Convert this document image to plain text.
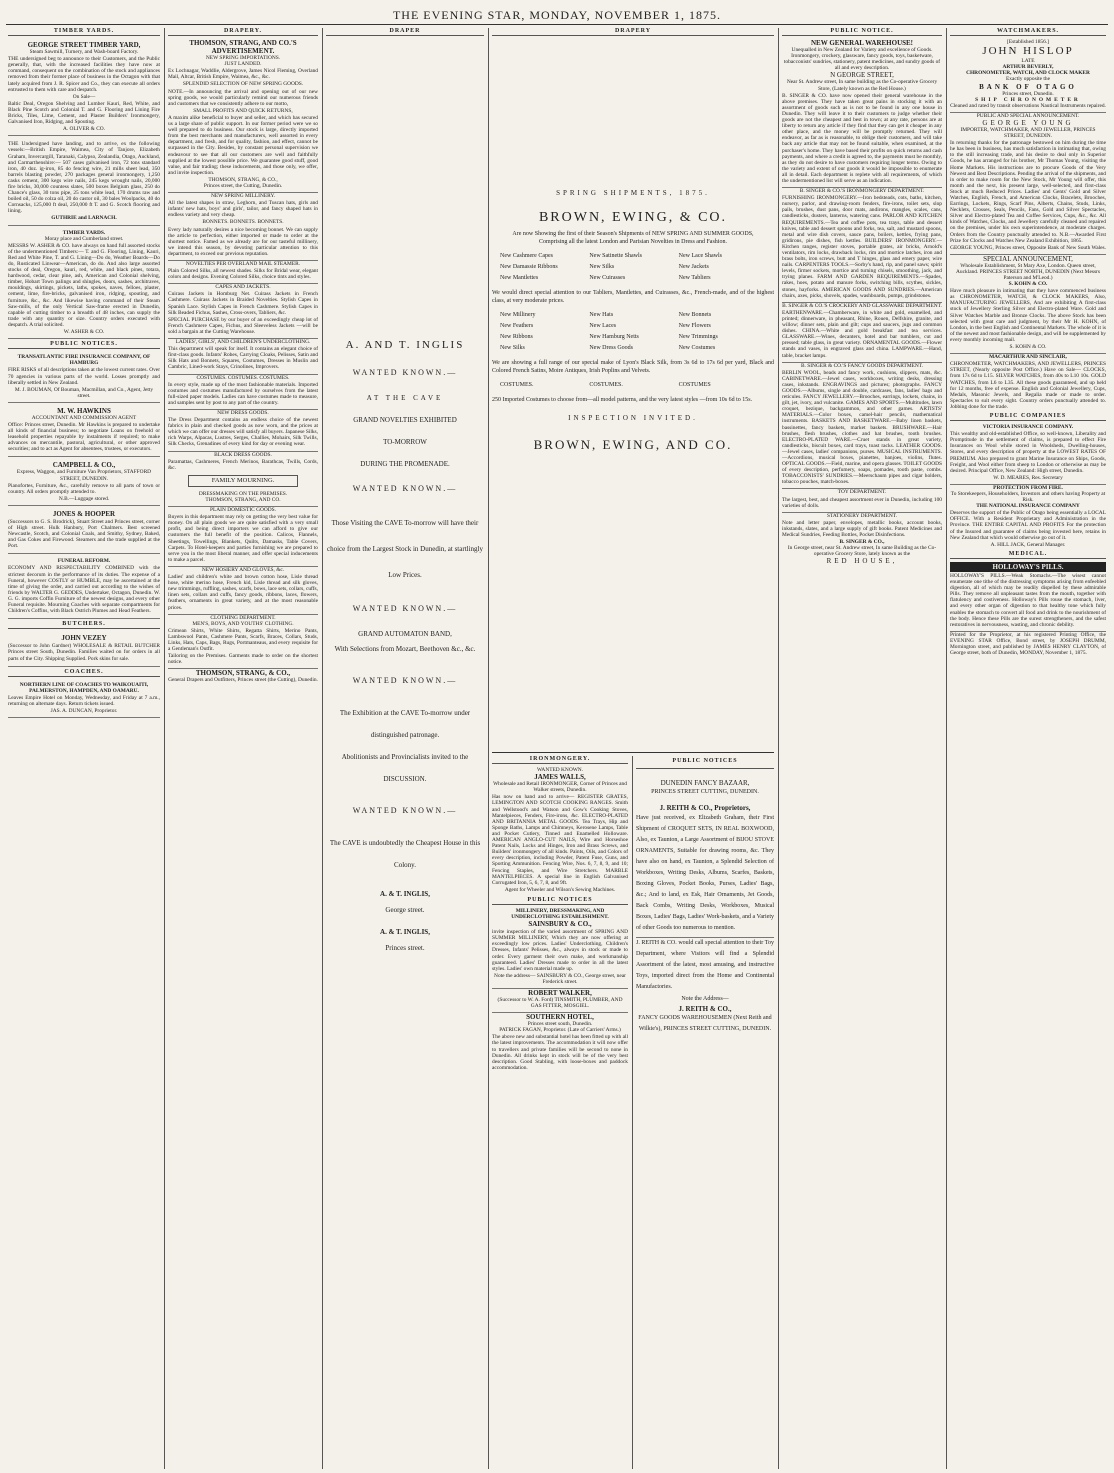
THE EVENING STAR, MONDAY, NOVEMBER 1, 1875.
TIMBER YARDS.
GEORGE STREET TIMBER YARD,
Steam Sawmill, Turnery, and Wash-board Factory.
THE undersigned beg to announce to their Customers, and the Public generally, that, with the increased facilities they have now at command, consequent on the combination of the stock and appliances removed from their former place of business in the Octagon with that lately acquired from J. R. Spicer and Co., they can execute all orders entrusted to them with care and despatch.
On Sale—
Baltic Deal, Oregon Shelving and Lumber Kauri, Red, White, and Black Pine Scotch and Colonial T. and G. Flooring and Lining Fire Bricks, Tiles, Lime, Cement, and Plaster Builders' Ironmongery, Galvanised Iron, Ridging, and Spouting.
A. OLIVER & CO.
THE Undersigned have landing, and to arrive, ex the following vessels:—British Empire, Waimea, City of Tanjore, Elizabeth Graham, Invercargill, Taranaki, Calypso, Zealandia, Otago, Auckland, and Carmarthenshire:— 507 cases galvanised iron, 72 tons standard iron, 40 doz. ig-iron, 85 do fencing wire, 21 mills sheet lead, 350 barrels blasting powder, 270 packages general ironmongery, 1,250 casks cement, 300 kegs wire nails, 245 kegs wrought nails, 20,000 fire bricks, 30,000 countess slates, 500 boxes Belgium glass, 250 do Chance's glass, 30 tons pipe, 25 tons white lead, 170 drums raw and boiled oil, 50 do colza oil, 20 do castor oil, 30 bales Woolpacks, 40 do Cornsacks, 125,000 ft deal, 250,000 ft T. and G. Scotch flooring and lining.
GUTHRIE and LARNACH.
TIMBER YARDS.
Moray place and Cumberland street.
MESSRS W. ASHER & CO. have always on hand full assorted stocks of the undermentioned Timbers:— T. and G. Flooring, Lining, Kauri, Red and White Pine, T. and G. Lining—Do do, Weather Boards—Do do, Rusticated Linwear—American, do do. And also large assorted stocks of deal, Oregon, kauri, red, white, and black pines, totara, hardwood, cedar, clear pine, ash, American and Colonial shelving, timber, Hobart Town palings and shingles, doors, sashes, architraves, mouldings, skirtings, pickets, laths, spokes, naves, felloes, plaster, cement, lime, fire-bricks, galvanised iron, ridging, spouting, and furniture, &c., &c. And likewise having command of their Steam Saw-mills, of the only Vertical Saw-frame erected in Dunedin, capable of cutting timber to a breadth of 48 inches, can supply the trade with any quantity or size. Country orders executed with despatch. A trial solicited.
W. ASHER & CO.
PUBLIC NOTICES.
TRANSATLANTIC FIRE INSURANCE COMPANY, OF HAMBURG
FIRE RISKS of all descriptions taken at the lowest current rates. Over 70 agencies in various parts of the world. Losses promptly and liberally settled in New Zealand.
M. J. BOUMAN, Of Bouman, Macmillan, and Co., Agent, Jetty street.
M. W. HAWKINS
ACCOUNTANT AND COMMISSION AGENT
Office: Princes street, Dunedin. Mr Hawkins is prepared to undertake all kinds of financial business; to negotiate Loans on freehold or leasehold properties repayable by instalments if required; to make advances on mercantile, pastoral, agricultural, or other approved securities; and to act as Agent for absentees, trustees, or executors.
CAMPBELL & CO.,
Express, Waggon, and Furniture Van Proprietors, STAFFORD STREET, DUNEDIN.
Pianofortes, Furniture, &c., carefully remove to all parts of town or country. All orders promptly attended to.
N.B.—Luggage stored.
JONES & HOOPER
(Successors to G. S. Brodrick), Stuart Street and Princes street, corner of High street. Hulk Hanbury, Port Chalmers. Best screened Newcastle, Scotch, and Colonial Coals, and Smithy, Sydney, Baked, and Gas Cokes and Firewood. Steamers and the trade supplied at the Port.
FUNERAL REFORM.
ECONOMY AND RESPECTABILITY COMBINED with the strictest decorum in the performance of its duties. The expense of a Funeral, however COSTLY or HUMBLE, may be ascertained at the time of giving the order, and carried out according to the wishes of friends by WALTER G. GEDDES, Undertaker, Octagon, Dunedin. W. G. G. imports Coffin Furniture of the newest designs, and every other Funeral requisite. Mourning Coaches with separate compartments for Children's Coffins, with Black Ostrich Plumes and Head Feathers.
BUTCHERS.
JOHN VEZEY
(Successor to John Gardner) WHOLESALE & RETAIL BUTCHER Princes street South, Dunedin. Families waited on for orders in all parts of the City. Shipping Supplied. Pork skins for sale.
COACHES.
NORTHERN LINE OF COACHES TO WAIKOUAITI, PALMERSTON, HAMPDEN, AND OAMARU.
Leaves Empire Hotel on Monday, Wednesday, and Friday at 7 a.m., returning on alternate days. Return tickets issued.
JAS. A. DUNCAN, Proprietor.
DRAPERY.
THOMSON, STRANG, AND CO.'S ADVERTISEMENT.
NEW SPRING IMPORTATIONS.
JUST LANDED.
Ex Lochnagar, Waddlie, Aldergrove, James Nicol Fleming, Overland Mail, Altcar, British Empire, Waimea, &c., &c.
SPLENDID SELECTION OF NEW SPRING GOODS.
NOTE.—In announcing the arrival and opening out of our new spring goods, we would particularly remind our numerous friends and customers that we consistently adhere to our motto,
SMALL PROFITS AND QUICK RETURNS,
A maxim alike beneficial to buyer and seller, and which has secured us a large share of public support. In our former period were we so well prepared to do business. Our stock is large, directly imported from the best merchants and manufacturers, well assorted in every department, and fresh, and for quality, fashion, and effect, cannot be surpassed in the City. Besides, by constant personal supervision we endeavour to see that all our customers are well and faithfully supplied at the lowest possible price. We guarantee good stuff, good value, and fair trading; these inducements, and those only, we offer, and invite inspection.
THOMSON, STRANG, & CO.,
Princes street, the Cutting, Dunedin.
NEW SPRING MILLINERY.
All the latest shapes in straw, Leghorn, and Tuscan hats, girls and infants' new hats, boys' and girls', tailor, and fancy shaped hats in endless variety and very cheap.
BONNETS. BONNETS. BONNETS.
Every lady naturally desires a nice becoming bonnet. We can supply the article to perfection, either imported or made to order at the shortest notice. Famed as we already are for our tasteful millinery, we intend this season, by devoting particular attention to this department, to exceed our previous reputation.
NOVELTIES PER OVERLAND MAIL STEAMER.
Plain Colored Silks, all newest shades. Silks for Bridal wear, elegant colors and designs. Evening Colored Silks, choice tints and styles.
CAPES AND JACKETS.
Cuirass Jackets in Homburg Net. Cuirass Jackets in French Cashmere. Cuirass Jackets in Braided Novelties. Stylish Capes in Spanish Lace. Stylish Capes in French Cashmere. Stylish Capes in Silk Beaded Fichus, Sashes, Cross-overs, Tabliers, &c.
SPECIAL PURCHASE by our buyer of an exceedingly cheap lot of French Cashmere Capes, Fichus, and Sleeveless Jackets —will be sold a bargain at the Cutting Warehouse.
LADIES', GIRLS', AND CHILDREN'S UNDERCLOTHING.
This department will speak for itself. It contains an elegant choice of first-class goods. Infants' Robes, Carrying Cloaks, Pelisses, Satin and Silk Hats and Bonnets, Squares, Costumes, Dresses in Muslin and Cambric, Lined-work Stays, Crinolines, Improvers.
COSTUMES. COSTUMES. COSTUMES.
In every style, made up of the most fashionable materials. Imported costumes and costumes manufactured by ourselves from the latest full-sized paper models. Ladies can have costumes made to measure, and samples sent by post to any part of the country.
NEW DRESS GOODS.
The Dress Department contains an endless choice of the newest fabrics in plain and checked goods as now worn, and the prices at which we can offer our dresses will satisfy all buyers. Japanese Silks, rich Warps, Alpacas, Lustres, Serges, Challies, Mohairs, Silk Twills, Silk Checks, Grenadines of every kind for day or evening wear.
BLACK DRESS GOODS.
Paramattas, Cashmeres, French Merinos, Barathcas, Twills, Cords, &c.
FAMILY MOURNING.
DRESSMAKING ON THE PREMISES.
THOMSON, STRANG, AND CO.
PLAIN DOMESTIC GOODS.
Buyers in this department may rely on getting the very best value for money. On all plain goods we are quite satisfied with a very small profit, and being direct importers we can afford to give our customers the full benefit of the position. Calicos, Flannels, Sheetings, Towellings, Blankets, Quilts, Damasks, Table Covers, Carpets. To Hotel-keepers and parties furnishing we are prepared to serve you in the most liberal manner, and offer special inducements to make a parcel.
NEW HOSIERY AND GLOVES, &c.
Ladies' and children's white and brown cotton hose, Lisle thread hose, white merino hose, French kid, Lisle thread and silk gloves, new trimmings, ruffling, sashes, scarfs, bows, lace sets, collars, cuffs, linen sets, collars and cuffs, fancy goods, ribbons, laces, flowers, feathers, ornaments in great variety, and at the most reasonable prices.
CLOTHING DEPARTMENT.
MEN'S, BOYS, AND YOUTHS' CLOTHING.
Crimean Shirts, White Shirts, Regatta Shirts, Merino Pants, Lambswool Pants, Cashmere Pants, Scarfs, Braces, Collars, Studs, Links, Hats, Caps, Bags, Rugs, Portmanteaus, and every requisite for a Gentleman's Outfit.
Tailoring on the Premises. Garments made to order on the shortest notice.
THOMSON, STRANG, & CO.,
General Drapers and Outfitters, Princes street (the Cutting), Dunedin.
DRAPER
A. AND T. INGLIS
WANTED KNOWN.—
AT THE CAVE
GRAND NOVELTIES EXHIBITED
TO-MORROW
DURING THE PROMENADE.
WANTED KNOWN.—
Those Visiting the CAVE To-morrow will have their choice from the Largest Stock in Dunedin, at startlingly Low Prices.
WANTED KNOWN.—
GRAND AUTOMATON BAND,
With Selections from Mozart, Beethoven &c., &c.
WANTED KNOWN.—
The Exhibition at the CAVE To-morrow under distinguished patronage.
Abolitionists and Provincialists invited to the DISCUSSION.
WANTED KNOWN.—
The CAVE is undoubtedly the Cheapest House in this Colony.
A. & T. INGLIS,
George street.
A. & T. INGLIS,
Princes street.
DRAPERY
SPRING SHIPMENTS, 1875.
BROWN, EWING, & CO.
Are now Showing the first of their Season's Shipments of NEW SPRING AND SUMMER GOODS,
Comprising all the latest London and Parisian Novelties in Dress and Fashion.
New Cashmere Capes	New Satinette Shawls	New Lace Shawls
New Damassie Ribbons	New Silks	New Jackets
New Mantlettes	New Cuirasses	New Tabliers
We would direct special attention to our Tabliers, Mantlettes, and Cuirasses, &c., French-made, and of the highest class, at very moderate prices.
New Millinery	New Hats	New Bonnets
New Feathers	New Laces	New Flowers
New Ribbons	New Hamburg Netts	New Trimmings
New Silks	New Dress Goods	New Costumes
We are showing a full range of our special make of Lyon's Black Silk, from 3s 6d to 17s 6d per yard, Black and Colored French Satins, Moire Antiques, Irish Poplins and Velvets.
COSTUMES.	COSTUMES.	COSTUMES
250 Imported Costumes to choose from—all model patterns, and the very latest styles —from 10s 6d to 15s.
INSPECTION INVITED.
BROWN, EWING, AND CO.
IRONMONGERY.
WANTED KNOWN.
JAMES WALLS,
Wholesale and Retail IRONMONGER, Corner of Princes and Walker streets, Dunedin.
Has now on hand and to arrive— REGISTER GRATES, LEMINGTON AND SCOTCH COOKING RANGES. Smith and Wellstood's and Watson and Gow's Cooking Stoves, Mantelpieces, Fenders, Fire-irons, &c. ELECTRO-PLATED AND BRITANNIA METAL GOODS. Tea Trays, Hip and Sponge Baths, Lamps and Chimneys, Kerosene Lamps, Table and Pocket Cutlery, Tinned and Enamelled Holloware. AMERICAN ANGLO-CUT NAILS, Wire and Horseshoe Patent Nails, Locks and Hinges, Iron and Brass Screws, and Builders' ironmongery of all kinds. Paints, Oils, and Colors of every description, including Powder, Patent Fuse, Guns, and Sporting Ammunition. Fencing Wire, Nos. 6, 7, 8, 9, and 10; Fencing Staples, and Wire Stretchers. MARBLE MANTELPIECES. A special line in English Galvanised Corrugated Iron, 5, 6, 7, 8, and 9ft.
Agent for Wheeler and Wilson's Sewing Machines.
PUBLIC NOTICES
MILLINERY, DRESSMAKING, AND UNDERCLOTHING ESTABLISHMENT.
SAINSBURY & CO.,
invite inspection of the varied assortment of SPRING AND SUMMER MILLINERY, Which they are now offering at exceedingly low prices. Ladies' Underclothing, Children's Dresses, Infants' Pelisses, &c., always in stock or made to order. Every garment their own make, and workmanship guaranteed. Ladies' Dresses made to order in all the latest styles. Ladies' own material made up.
Note the address— SAINSBURY & CO., George street, near Frederick street.
ROBERT WALKER,
(Successor to W. A. Ford) TINSMITH, PLUMBER, AND GAS FITTER, MOSGIEL.
SOUTHERN HOTEL,
Princes street south, Dunedin.
PATRICK FAGAN, Proprietor. (Late of Carriers' Arms.)
The above new and substantial hotel has been fitted up with all the latest improvements. The accommodation it will now offer to travellers and private families will be second to none in Dunedin. All drinks kept in stock will be of the very best description. Good Stabling, with loose-boxes and paddock accommodation.
PUBLIC NOTICES
DUNEDIN FANCY BAZAAR,
PRINCES STREET CUTTING, DUNEDIN.
J. REITH & CO., Proprietors,
Have just received, ex Elizabeth Graham, their First Shipment of CROQUET SETS, IN REAL BOXWOOD, Also, ex Taunton, a Large Assortment of BIJOU STOVE ORNAMENTS, Suitable for drawing rooms, &c. They have also on hand, ex Taunton, a Splendid Selection of Workboxes, Writing Desks, Albums, Scarfes, Baskets, Boxing Gloves, Pocket Books, Purses, Ladies' Bags, &c.; And to land, ex Esk, Hair Ornaments, Jet Goods, Back Combs, Writing Desks, Workboxes, Musical Boxes, Ladies' Bags, Ladies' Work-baskets, and a Variety of other Goods too numerous to mention.
J. REITH & CO. would call special attention to their Toy Department, where Visitors will find a Splendid Assortment of the latest, most amusing, and instructive Toys, imported direct from the Home and Continental Manufactories.
Note the Address—
J. REITH & CO.,
FANCY GOODS WAREHOUSEMEN (Next Reith and Wilkie's), PRINCES STREET CUTTING, DUNEDIN.
PUBLIC NOTICE.
NEW GENERAL WAREHOUSE!
Unequalled in New Zealand for Variety and excellence of Goods.
Ironmongery, crockery, glassware, fancy goods, toys, basketware, tobacconists' sundries, stationery, patent medicines, and sundry goods of all and every description.
N GEORGE STREET,
Near St. Andrew street, In same building as the Co-operative Grocery Store, (Lately known as the Red House.)
B. SINGER & CO. have now opened their general warehouse in the above premises. They have taken great pains in stocking it with an assortment of goods such as is not to be found in any one house in Dunedin. They will leave it to their customers to judge whether their goods are not the cheapest and best in town; at any rate, persons are at liberty to return any article if they find that they can get it cheaper in any other place, and the money will be promptly returned. They will endeavor, as far as is reasonable, to oblige their customers, and will take back any article that may not be found suitable, when examined, at the purchaser's home. They have based their profits on quick returns and cash payments, and where a credit is agreed to, the payments must be monthly, as they do not desire to have customers requiring longer terms. Owing to the variety and extent of our goods it would be impossible to enumerate all in detail. Each department is replete with all requirements, of which the undermentioned list will serve as an indication.
B. SINGER & CO.'S IRONMONGERY DEPARTMENT.
FURNISHING IRONMONGERY.—Iron bedsteads, cots, baths, kitchen, nursery, parlor, and drawing-room fenders, fire-irons, toilet sets, slop pails, brushes, dust pans, door mats, andirons, mangles, scales, cans, candlesticks, dusters, lanterns, watering cans. PARLOR AND KITCHEN REQUIREMENTS.—Tea and coffee pots, tea trays, table and dessert knives, table and dessert spoons and forks, tea, salt, and mustard spoons, metal and wire dish covers, sauce pans, boilers, kettles, frying pans, gridirons, pie dishes, fish kettles. BUILDERS' IRONMONGERY.—Kitchen ranges, register stoves, portable grates, air bricks, Arnold's ventilators, rim locks, drawback locks, rim and mortice latches, iron and brass bolts, iron screws, butt and T hinges, glass and emery paper, wire nails. CARPENTERS TOOLS.—Sorby's hand, rip, and panel saws; spirit levels, firmer sockets, mortice and turning chisels, smoothing, jack, and trying planes. FARM AND GARDEN REQUIREMENTS.—Spades, rakes, hoes, potato and manure forks, switching bills, scythes, sickles, stones, hayforks. AMERICAN GOODS AND SUNDRIES.—American chairs, axes, picks, shovels, spades, washboards, pumps, grindstones.
B. SINGER & CO.'S CROCKERY AND GLASSWARE DEPARTMENT.
EARTHENWARE.—Chamberware, in white and gold, enamelled, and printed; dinnerware, in pheasant, Rhine, Rouen, Delfshire, granite, and willow; dinner sets, plain and gilt; cups and saucers, jugs and common dishes. CHINA.—White and gold breakfast and tea services. GLASSWARE.—Wines, decanters, hotel and bar tumblers, cut and pressed; table glass, in great variety. ORNAMENTAL GOODS.—Flower stands and vases, in engraved glass and china. LAMPWARE.—Hand, table, bracket lamps.
B. SINGER & CO.'S FANCY GOODS DEPARTMENT.
BERLIN WOOL, beads and fancy work, cushions, slippers, mats, &c. CABINETWARE.—Jewel cases, workboxes, writing desks, dressing cases, inkstands. ENGRAVINGS and pictures; photographs. FANCY GOODS.—Albums, single and double, cardcases, fans, ladies' bags and reticules. FANCY JEWELLERY.—Brooches, earrings, lockets, chains, in gilt, jet, ivory, and vulcanite. GAMES AND SPORTS.—Multitudes, lawn croquet, bezique, backgammon, and other games. ARTISTS' MATERIALS.—Color boxes, camel-hair pencils, mathematical instruments. BASKETS AND BASKETWARE.—Baby linen baskets, bassinettes, fancy baskets, market baskets. BRUSHWARE.—Hair brushes, flesh brushes, clothes and hat brushes, tooth brushes. ELECTRO-PLATED WARE.—Cruet stands in great variety, candlesticks, biscuit boxes, card trays, toast racks. LEATHER GOODS.—Jewel cases, ladies' companions, purses. MUSICAL INSTRUMENTS.—Accordions, musical boxes, pianettes, banjoes, violins, flutes. OPTICAL GOODS.—Field, marine, and opera glasses. TOILET GOODS of every description, perfumery, soaps, pomades, tooth paste, combs. TOBACCONISTS' SUNDRIES.—Meerschaum pipes and cigar holders, tobacco pouches, match-boxes.
TOY DEPARTMENT.
The largest, best, and cheapest assortment ever in Dunedin, including 100 varieties of dolls.
STATIONERY DEPARTMENT.
Note and letter paper, envelopes, metallic books, account books, inkstands, slates, and a large supply of gift books. Patent Medicines and Medical Sundries, Feeding Bottles, Pocket Disinfections.
B. SINGER & CO.,
In George street, near St. Andrew street, In same Building as the Co-operative Grocery Store, lately known as the
RED HOUSE,
WATCHMAKERS.
[Established 1856.]
JOHN HISLOP
LATE
ARTHUR BEVERLY,
CHRONOMETER, WATCH, AND CLOCK MAKER
Exactly opposite the
BANK OF OTAGO
Princes street, Dunedin.
SHIP CHRONOMETER
Cleaned and rated by transit observations Nautical Instruments repaired.
PUBLIC AND SPECIAL ANNOUNCEMENT.
GEORGE YOUNG
IMPORTER, WATCHMAKER, AND JEWELLER, PRINCES STREET, DUNEDIN.
In returning thanks for the patronage bestowed on him during the time he has been in business, has much satisfaction in intimating that, owing to the still increasing trade, and his desire to deal only in Superior Goods, he has arranged for his brother, Mr Thomas Young, visiting the Home Markets. His instructions are to procure Goods of the Very Newest and Best Descriptions. Pending the arrival of the shipments, and in order to make room for the New Stock, Mr Young will offer, this month and the next, his present large, well-selected, and first-class Stock at much Reduced Prices. Ladies' and Gents' Gold and Silver Watches, English, French, and American Clocks, Bracelets, Brooches, Earrings, Lockets, Rings, Scarf Pins, Alberts, Chains, Studs, Links, Necklets, Crosses, Seals, Pencils, Fans, Gold and Silver Spectacles, Silver and Electro-plated Tea and Coffee Services, Cups, &c., &c. All kinds of Watches, Clocks, and Jewellery carefully cleaned and repaired on the premises, under his own superintendence, at moderate charges. Orders from the Country punctually attended to. N.B.—Awarded First Prize for Clocks and Watches New Zealand Exhibition, 1865.
GEORGE YOUNG, Princes street, Opposite Bank of New South Wales.
SPECIAL ANNOUNCEMENT,
Wholesale Establishment, St Mary Axe, London. Queen street, Auckland. PRINCES STREET NORTH, DUNEDIN (Next Messrs Paterson and M'Leod.)
S. KOHN & CO.
Have much pleasure in intimating that they have commenced business as CHRONOMETER, WATCH, & CLOCK MAKERS, Also, MANUFACTURING JEWELLERS, And are exhibiting A first-class stock of Jewellery Sterling Silver and Electro-plated Ware. Gold and Silver Watches Marble and Bronze Clocks. The above Stock has been selected with great care and judgment, by their Mr H. KOHN, of London, in the best English and Continental Markets. The whole of it is of the newest and most fashionable design, and will be supplemented by every monthly incoming mail.
S. KOHN & CO.
MACARTHUR AND SINCLAIR,
CHRONOMETER, WATCHMAKERS, AND JEWELLERS, PRINCES STREET, (Nearly opposite Post Office.) Have on Sale— CLOCKS, from 17s 6d to L15. SILVER WATCHES, from 40s to L10 10s. GOLD WATCHES, from L6 to L35. All these goods guaranteed, and up held for 12 months, free of expense. English and Colonial Jewellery, Cups, Medals, Masonic Jewels, and Regalia made or made to order. Spectacles to suit every sight. Country orders punctually attended to. Jobbing done for the trade.
PUBLIC COMPANIES
VICTORIA INSURANCE COMPANY.
This wealthy and old-established Office, so well-known, Liberality and Promptitude in the settlement of claims, is prepared to effect Fire Insurances on Wool while stored in Woolsheds, Dwelling-houses, Stores, and every description of property at the LOWEST RATES OF PREMIUM. Also prepared to grant Marine Insurance on Ships, Goods, Freight, and Wool either from sheep to London or otherwise as may be desired. Principal Office, New Zealand: High street, Dunedin.
W. D. MEARES, Res. Secretary
PROTECTION FROM FIRE.
To Storekeepers, Householders, Investors and others having Property at Risk.
THE NATIONAL INSURANCE COMPANY
Deserves the support of the Public of Otago being essentially a LOCAL OFFICE. With a Resident Proprietary and Administration in the Province. THE ENTIRE CAPITAL AND PROFITS For the protection of the Insured and guarantee of claims being invested here, retains in New Zealand that which would otherwise go out of it.
A. HILL JACK, General Manager.
MEDICAL.
HOLLOWAY'S PILLS.
HOLLOWAY'S PILLS.—Weak Stomachs.—The wisest cannot enumerate one tithe of the distressing symptoms arising from enfeebled digestion, all of which may be readily dispelled by these admirable Pills. They remove all unpleasant tastes from the mouth, together with flatulency and costiveness. Holloway's Pills rouse the stomach, liver, and every other organ of digestion to that healthy tone which fully enables the stomach to convert all food and drink to the nourishment of the body. Hence these Pills are the surest strengtheners, and the safest restoratives in nervousness, wasting, and chronic debility.
Printed for the Proprietor, at his registered Printing Office, the EVENING STAR Office, Bond street, by JOSEPH DRUMM, Mornington street, and published by JAMES HENRY CLAYTON, of George street, both of Dunedin, MONDAY, November 1, 1875.
